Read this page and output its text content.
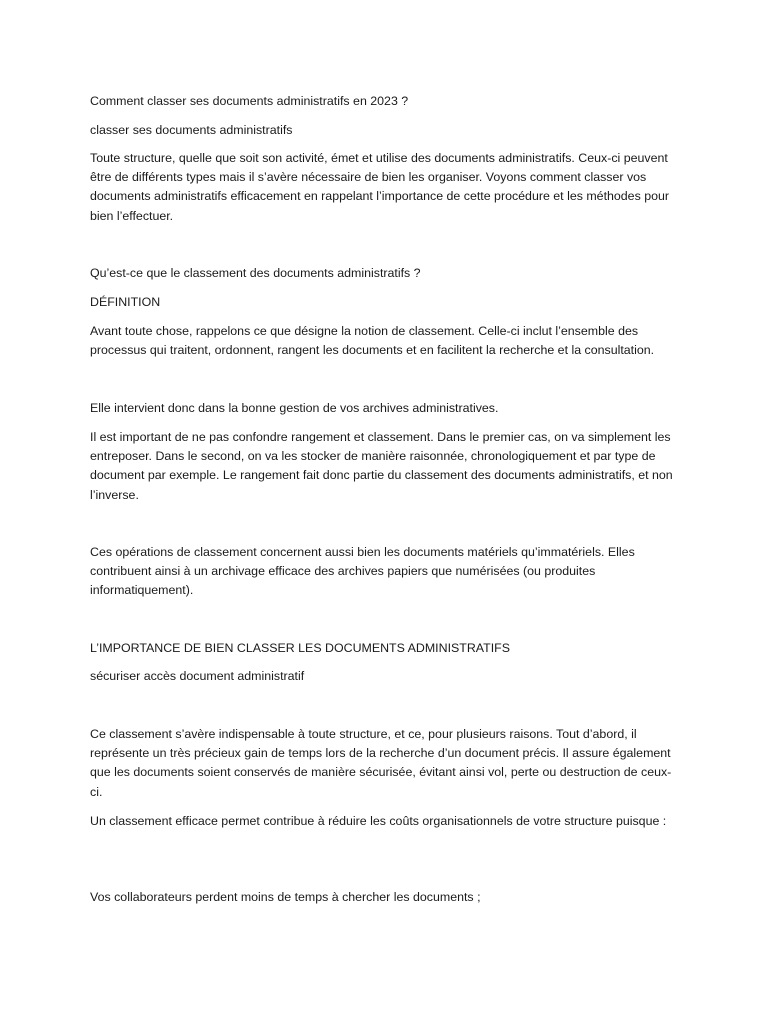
Comment classer ses documents administratifs en 2023 ?

classer ses documents administratifs

Toute structure, quelle que soit son activité, émet et utilise des documents administratifs. Ceux-ci peuvent être de différents types mais il s’avère nécessaire de bien les organiser. Voyons comment classer vos documents administratifs efficacement en rappelant l’importance de cette procédure et les méthodes pour bien l’effectuer.

Qu’est-ce que le classement des documents administratifs ?

DÉFINITION

Avant toute chose, rappelons ce que désigne la notion de classement. Celle-ci inclut l’ensemble des processus qui traitent, ordonnent, rangent les documents et en facilitent la recherche et la consultation.

Elle intervient donc dans la bonne gestion de vos archives administratives.

Il est important de ne pas confondre rangement et classement. Dans le premier cas, on va simplement les entreposer. Dans le second, on va les stocker de manière raisonnée, chronologiquement et par type de document par exemple. Le rangement fait donc partie du classement des documents administratifs, et non l’inverse.

Ces opérations de classement concernent aussi bien les documents matériels qu’immatériels. Elles contribuent ainsi à un archivage efficace des archives papiers que numérisées (ou produites informatiquement).

L’IMPORTANCE DE BIEN CLASSER LES DOCUMENTS ADMINISTRATIFS

sécuriser accès document administratif

Ce classement s’avère indispensable à toute structure, et ce, pour plusieurs raisons. Tout d’abord, il représente un très précieux gain de temps lors de la recherche d’un document précis. Il assure également que les documents soient conservés de manière sécurisée, évitant ainsi vol, perte ou destruction de ceux-ci.

Un classement efficace permet contribue à réduire les coûts organisationnels de votre structure puisque :

Vos collaborateurs perdent moins de temps à chercher les documents ;
